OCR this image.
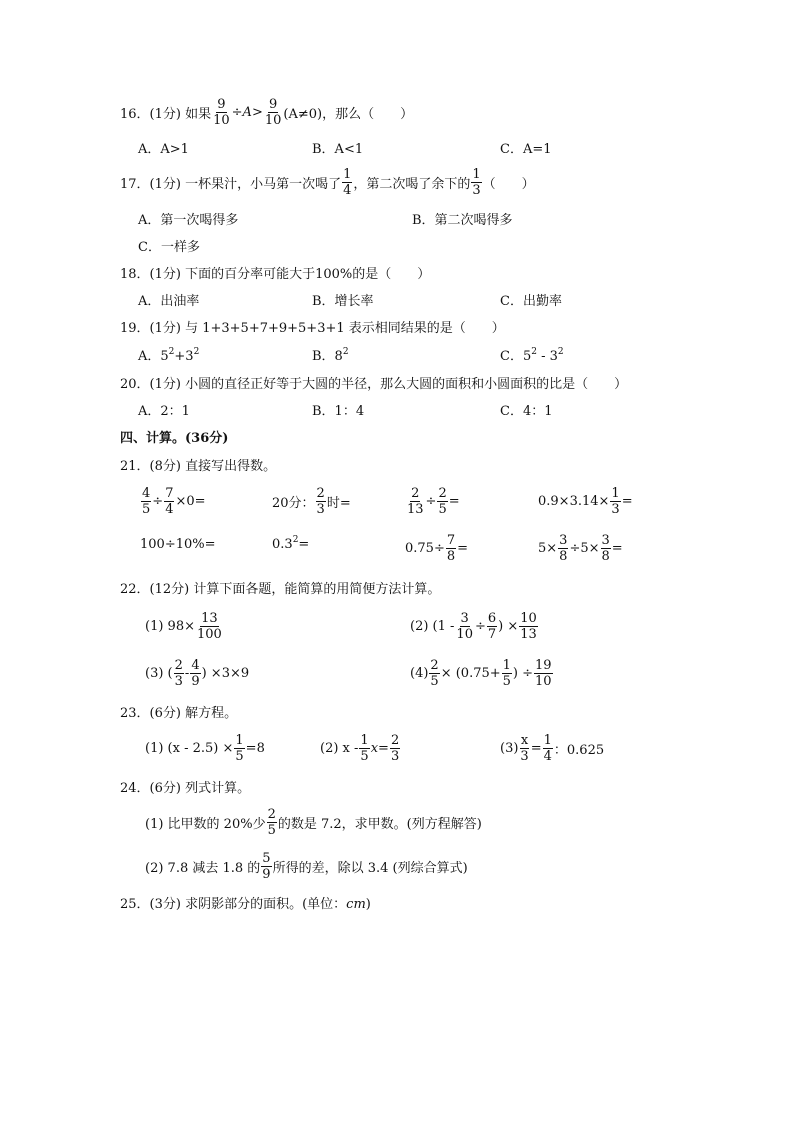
16．(1分) 如果 $\frac{9}{10} \div A > \frac{9}{10} (A\ne 0)$，那么（　　）
A．A>1	B．A<1	C．A=1
17．(1分) 一杯果汁，小马第一次喝了 $\frac{1}{4}$ ，第二次喝了余下的 $\frac{1}{3}$ （　　）
A．第一次喝得多	B．第二次喝得多
C．一样多
18．(1分) 下面的百分率可能大于100%的是（　　）
A．出油率	B．增长率	C．出勤率
19．(1分) 与 1+3+5+7+9+5+3+1 表示相同结果的是（　　）
A．$5^2+3^2$	B．$8^2$	C．$5^2 - 3^2$
20．(1分) 小圆的直径正好等于大圆的半径，那么大圆的面积和小圆面积的比是（　　）
A．2：1	B．1：4	C．4：1
四、计算。(36分)
21．(8分) 直接写出得数。
$\frac{4}{5} \div \frac{7}{4} \times 0=$	20分： $\frac{2}{3}$ 时=	$\frac{2}{13} \div \frac{2}{5}$ =	$0.9\times 3.14\times \frac{1}{3}$ =
100÷10%=	$0.3^2=$	$0.75\div \frac{7}{8}$ =	$5\times \frac{3}{8} \div 5\times \frac{3}{8}$ =
22．(12分) 计算下面各题，能简算的用简便方法计算。
(1) $98\times \frac{13}{100}$	(2) ($1 - \frac{3}{10} \div \frac{6}{7}$ ) × $\frac{10}{13}$
(3) ( $\frac{2}{3} - \frac{4}{9}$ ) ×3×9	$(4) \frac{2}{5} \times (0.75+ \frac{1}{5}$ ) ÷ $\frac{19}{10}$
23．(6分) 解方程。
(1) $(x - 2.5) \times \frac{1}{5} =8$	(2) x - $\frac{1}{5}$ $x = \frac{2}{3}$	$(3) \frac{x}{3} = \frac{1}{4}$ ：0.625
24．(6分) 列式计算。
(1) 比甲数的 20%少 $\frac{2}{5}$ 的数是 7.2，求甲数。(列方程解答)
(2) 7.8 减去 1.8 的 $\frac{5}{9}$ 所得的差，除以 3.4 (列综合算式)
25．(3分) 求阴影部分的面积。(单位：cm)
